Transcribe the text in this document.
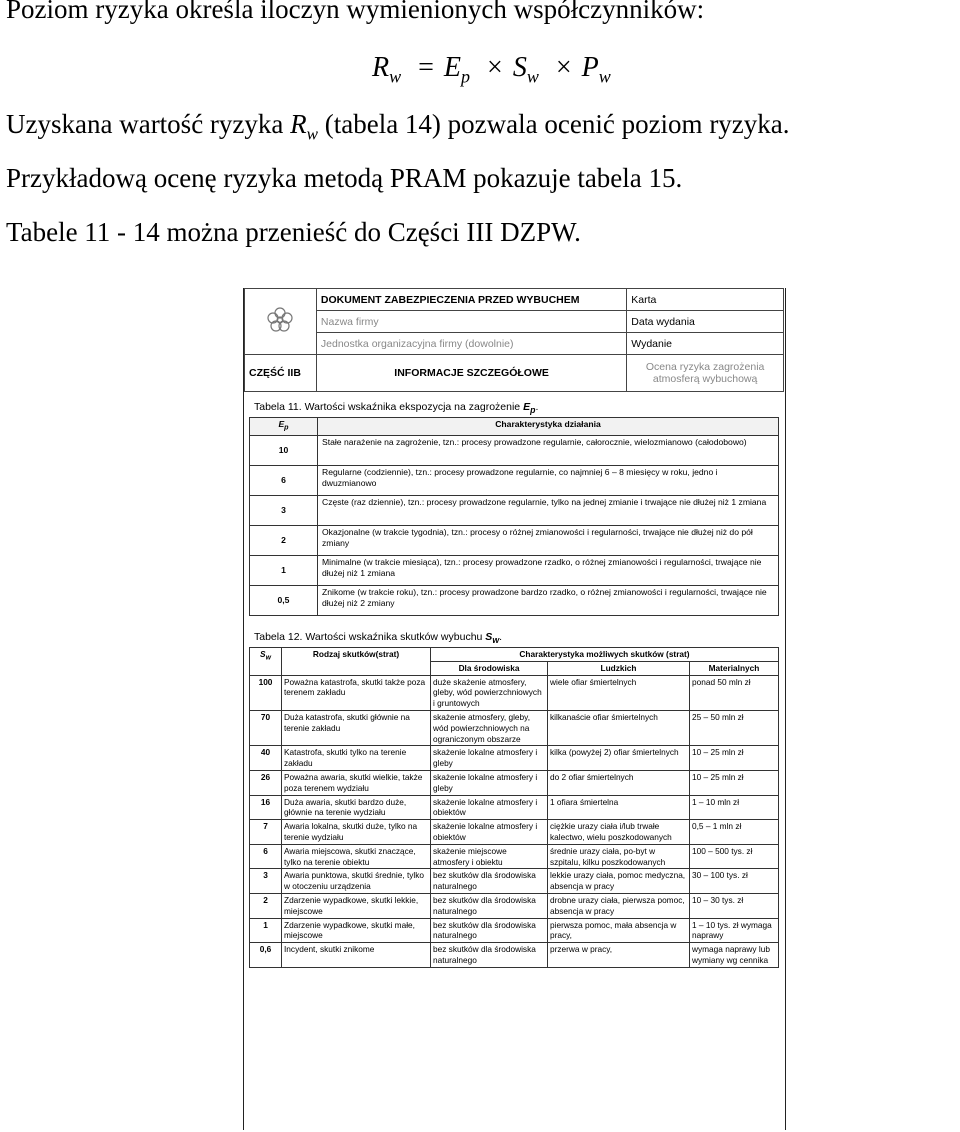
Poziom ryzyka określa iloczyn wymienionych współczynników:
$R_w = E_p \times S_w \times P_w$
Uzyskana wartość ryzyka $R_w$ (tabela 14) pozwala ocenić poziom ryzyka.
Przykładową ocenę ryzyka metodą PRAM pokazuje tabela 15.
Tabele 11 - 14 można przenieść do Części III DZPW.
	DOKUMENT ZABEZPIECZENIA PRZED WYBUCHEM	Karta
	Nazwa firmy	Data wydania
	Jednostka organizacyjna firmy (dowolnie)	Wydanie
CZĘŚĆ IIB	INFORMACJE SZCZEGÓŁOWE	Ocena ryzyka zagrożenia atmosferą wybuchową
Tabela 11. Wartości wskaźnika ekspozycja na zagrożenie $E_p$.
$E_p$	Charakterystyka działania
10	Stałe narażenie na zagrożenie, tzn.: procesy prowadzone regularnie, całorocznie, wielozmianowo (całodobowo)
6	Regularne (codziennie), tzn.: procesy prowadzone regularnie, co najmniej 6 – 8 miesięcy w roku, jedno i dwuzmianowo
3	Częste (raz dziennie), tzn.: procesy prowadzone regularnie, tylko na jednej zmianie i trwające nie dłużej niż 1 zmiana
2	Okazjonalne (w trakcie tygodnia), tzn.: procesy o różnej zmianowości i regularności, trwające nie dłużej niż do pół zmiany
1	Minimalne (w trakcie miesiąca), tzn.: procesy prowadzone rzadko, o różnej zmianowości i regularności, trwające nie dłużej niż 1 zmiana
0,5	Znikome (w trakcie roku), tzn.: procesy prowadzone bardzo rzadko, o różnej zmianowości i regularności, trwające nie dłużej niż 2 zmiany
Tabela 12. Wartości wskaźnika skutków wybuchu $S_w$.
$S_w$	Rodzaj skutków(strat)	Charakterystyka możliwych skutków (strat)		
		Dla środowiska	Ludzkich	Materialnych
100	Poważna katastrofa, skutki także poza terenem zakładu	duże skażenie atmosfery, gleby, wód powierzchniowych i gruntowych	wiele ofiar śmiertelnych	ponad 50 mln zł
70	Duża katastrofa, skutki głównie na terenie zakładu	skażenie atmosfery, gleby, wód powierzchniowych na ograniczonym obszarze	kilkanaście ofiar śmiertelnych	25 – 50 mln zł
40	Katastrofa, skutki tylko na terenie zakładu	skażenie lokalne atmosfery i gleby	kilka (powyżej 2) ofiar śmiertelnych	10 – 25 mln zł
26	Poważna awaria, skutki wielkie, także poza terenem wydziału	skażenie lokalne atmosfery i gleby	do 2 ofiar śmiertelnych	10 – 25 mln zł
16	Duża awaria, skutki bardzo duże, głównie na terenie wydziału	skażenie lokalne atmosfery i obiektów	1 ofiara śmiertelna	1 – 10 mln zł
7	Awaria lokalna, skutki duże, tylko na terenie wydziału	skażenie lokalne atmosfery i obiektów	ciężkie urazy ciała i/lub trwałe kalectwo, wielu poszkodowanych	0,5 – 1 mln zł
6	Awaria miejscowa, skutki znaczące, tylko na terenie obiektu	skażenie miejscowe atmosfery i obiektu	średnie urazy ciała, po-byt w szpitalu, kilku poszkodowanych	100 – 500 tys. zł
3	Awaria punktowa, skutki średnie, tylko w otoczeniu urządzenia	bez skutków dla środowiska naturalnego	lekkie urazy ciała, pomoc medyczna, absencja w pracy	30 – 100 tys. zł
2	Zdarzenie wypadkowe, skutki lekkie, miejscowe	bez skutków dla środowiska naturalnego	drobne urazy ciała, pierwsza pomoc, absencja w pracy	10 – 30 tys. zł
1	Zdarzenie wypadkowe, skutki małe, miejscowe	bez skutków dla środowiska naturalnego	pierwsza pomoc, mała absencja w pracy,	1 – 10 tys. zł wymaga naprawy
0,6	Incydent, skutki znikome	bez skutków dla środowiska naturalnego	przerwa w pracy,	wymaga naprawy lub wymiany wg cennika
